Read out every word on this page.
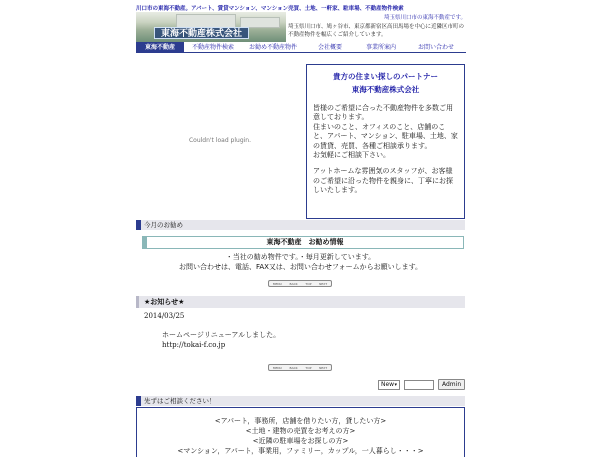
川口市の東海不動産。アパート、賃貸マンション、マンション売買、土地、一軒家、駐車場、不動産物件検索
東海不動産株式会社
埼玉県川口市の東海不動産です。
埼玉県川口市、鳩ヶ谷市、東京都新宿区高田馬場を中心に近隣区市町の不動産物件を幅広くご紹介しています。
東海不動産	不動産物件検索	お勧め不動産物件	会社概要	事業所案内	お問い合わせ
Couldn't load plugin.
貴方の住まい探しのパートナー
東海不動産株式会社

皆様のご希望に合った不動産物件を多数ご用意しております。

住まいのこと、オフィスのこと、店舗のこと、アパート、マンション、駐車場、土地、家の賃貸、売買、各種ご相談承ります。

お気軽にご相談下さい。

アットホームな雰囲気のスタッフが、お客様のご希望に沿った物件を親身に、丁寧にお探しいたします。

今月のお勧め
東海不動産　お勧め情報
・当社の勧め物件です。・毎月更新しています。
お問い合わせは、電話、FAX又は、お問い合わせフォームからお願いします。
MENU	BACK	TOP	NEXT
★お知らせ★
2014/03/25
ホームページリニューアルしました。
http://tokai-f.co.jp
MENU	BACK	TOP	NEXT
New ▾	Admin
先ずはご相談ください！
<アパート，事務所，店舗を借りたい方，貸したい方>
<土地・建物の売買をお考えの方>
<近隣の駐車場をお探しの方>
<マンション，アパート，事業用，ファミリー，カップル，一人暮らし・・・>
